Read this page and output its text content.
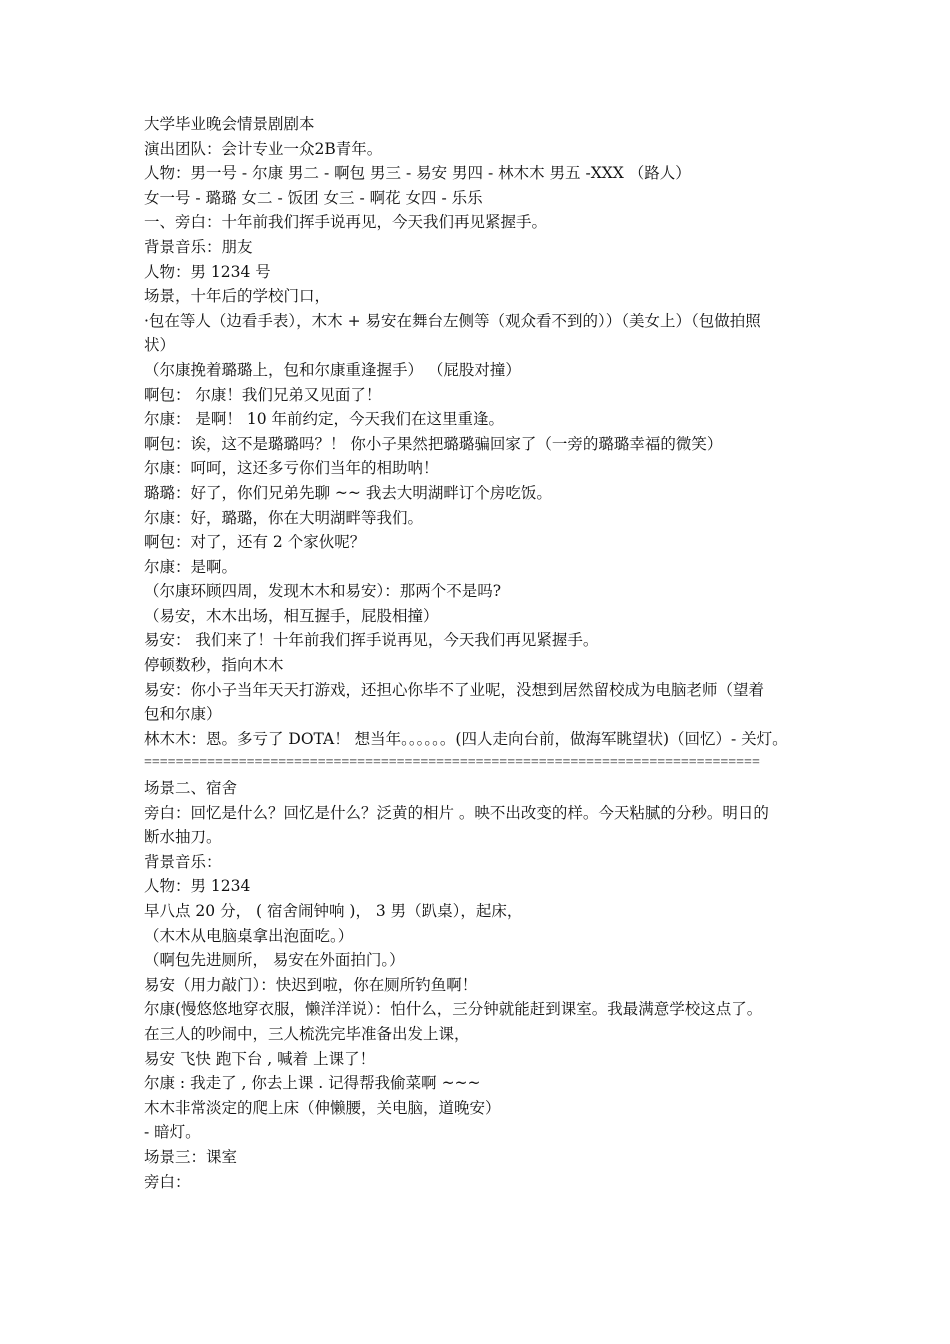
大学毕业晚会情景剧剧本

演出团队：会计专业一众2B青年。

人物：男一号 - 尔康 男二 - 啊包 男三 - 易安 男四 - 林木木 男五 -XXX （路人）

女一号 - 璐璐 女二 - 饭团 女三 - 啊花 女四 - 乐乐

一、旁白：十年前我们挥手说再见，今天我们再见紧握手。

背景音乐：朋友

人物：男 1234 号

场景，十年后的学校门口，

·包在等人（边看手表），木木 + 易安在舞台左侧等（观众看不到的））（美女上）（包做拍照

状）

（尔康挽着璐璐上，包和尔康重逢握手） （屁股对撞）

啊包： 尔康！我们兄弟又见面了！

尔康： 是啊！ 10 年前约定，今天我们在这里重逢。

啊包：诶，这不是璐璐吗？！ 你小子果然把璐璐骗回家了（一旁的璐璐幸福的微笑）

尔康：呵呵，这还多亏你们当年的相助呐！

璐璐：好了，你们兄弟先聊 ~~ 我去大明湖畔订个房吃饭。

尔康：好，璐璐，你在大明湖畔等我们。

啊包：对了，还有 2 个家伙呢？

尔康：是啊。

（尔康环顾四周，发现木木和易安）：那两个不是吗?

（易安，木木出场，相互握手，屁股相撞）

易安： 我们来了！十年前我们挥手说再见，今天我们再见紧握手。

停顿数秒，指向木木

易安：你小子当年天天打游戏，还担心你毕不了业呢，没想到居然留校成为电脑老师（望着

包和尔康）

林木木：恩。多亏了 DOTA！ 想当年。。。。。。(四人走向台前，做海军眺望状)（回忆）- 关灯。

==============================================================================

场景二、宿舍

旁白：回忆是什么？回忆是什么？泛黄的相片 。映不出改变的样。今天粘腻的分秒。明日的

断水抽刀。

背景音乐：

人物：男 1234

早八点 20 分， ( 宿舍闹钟响 )， 3 男（趴桌），起床，

（木木从电脑桌拿出泡面吃。）

（啊包先进厕所， 易安在外面拍门。）

易安（用力敲门）：快迟到啦，你在厕所钓鱼啊！

尔康(慢悠悠地穿衣服，懒洋洋说）：怕什么，三分钟就能赶到课室。我最满意学校这点了。

在三人的吵闹中，三人梳洗完毕准备出发上课，

易安 飞快 跑下台 , 喊着 上课了！

尔康 : 我走了 , 你去上课 . 记得帮我偷菜啊 ~~~

木木非常淡定的爬上床（伸懒腰，关电脑，道晚安）

- 暗灯。

场景三：课室

旁白：
